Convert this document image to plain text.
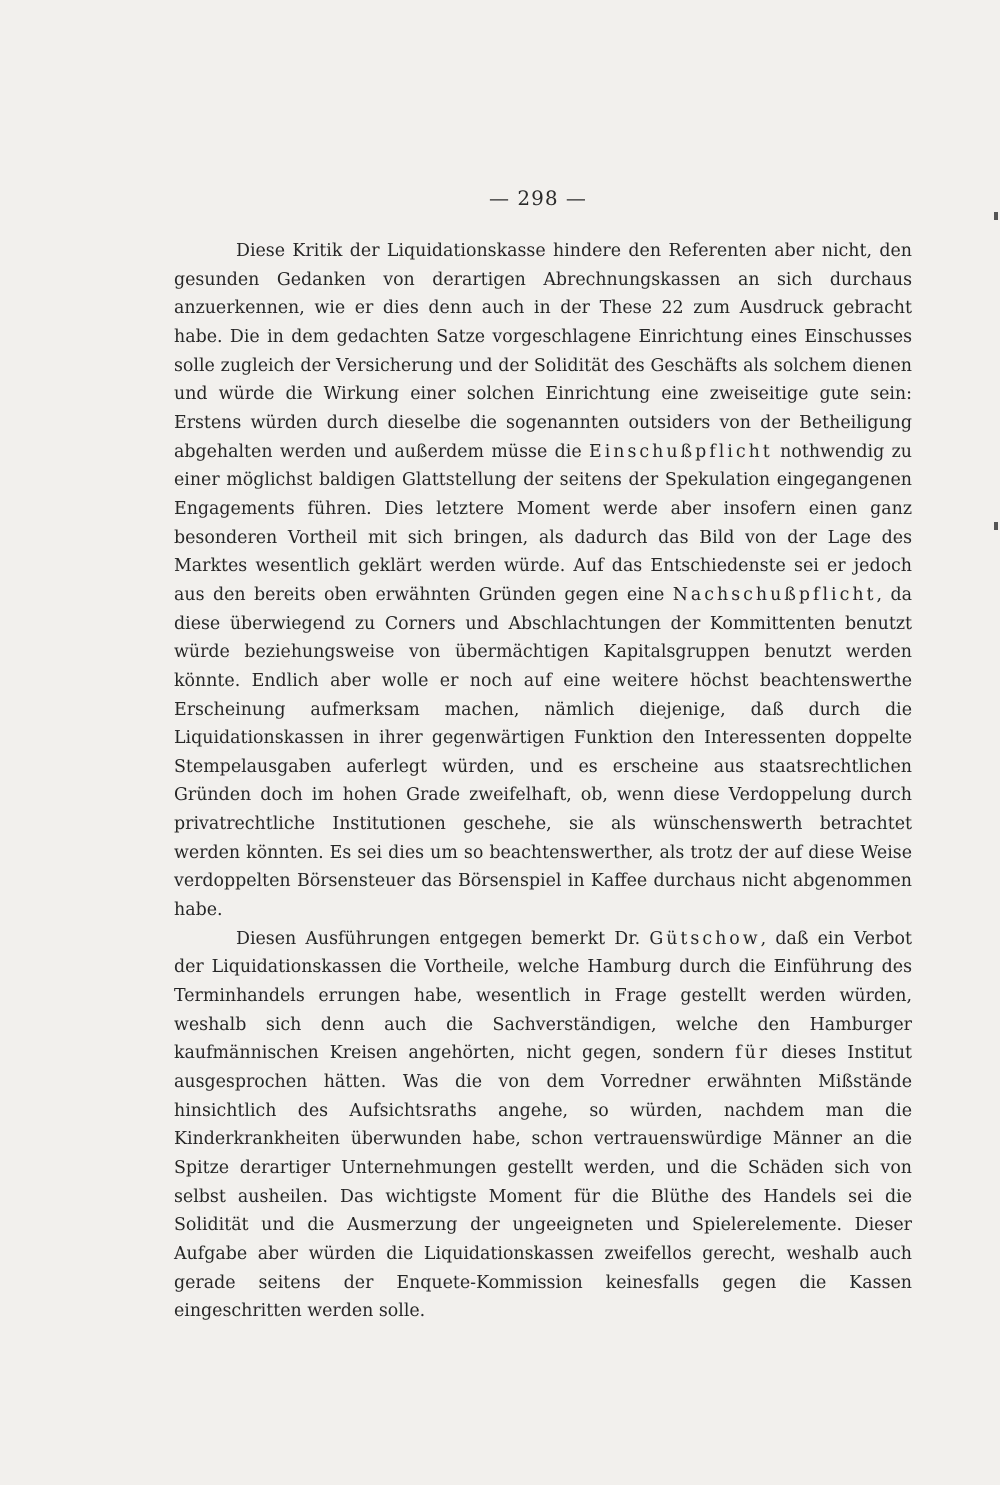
— 298 —

Diese Kritik der Liquidationskasse hindere den Referenten aber nicht, den gesunden Gedanken von derartigen Abrechnungskassen an sich durchaus anzuerkennen, wie er dies denn auch in der These 22 zum Ausdruck gebracht habe. Die in dem gedachten Satze vorgeschlagene Einrichtung eines Einschusses solle zugleich der Versicherung und der Solidität des Geschäfts als solchem dienen und würde die Wirkung einer solchen Einrichtung eine zweiseitige gute sein: Erstens würden durch dieselbe die sogenannten outsiders von der Betheiligung abgehalten werden und außerdem müsse die Einschußpflicht nothwendig zu einer möglichst baldigen Glattstellung der seitens der Spekulation eingegangenen Engagements führen. Dies letztere Moment werde aber insofern einen ganz besonderen Vortheil mit sich bringen, als dadurch das Bild von der Lage des Marktes wesentlich geklärt werden würde. Auf das Entschiedenste sei er jedoch aus den bereits oben erwähnten Gründen gegen eine Nachschußpflicht, da diese überwiegend zu Corners und Abschlachtungen der Kommittenten benutzt würde beziehungsweise von übermächtigen Kapitalsgruppen benutzt werden könnte. Endlich aber wolle er noch auf eine weitere höchst beachtenswerthe Erscheinung aufmerksam machen, nämlich diejenige, daß durch die Liquidationskassen in ihrer gegenwärtigen Funktion den Interessenten doppelte Stempelausgaben auferlegt würden, und es erscheine aus staatsrechtlichen Gründen doch im hohen Grade zweifelhaft, ob, wenn diese Verdoppelung durch privatrechtliche Institutionen geschehe, sie als wünschenswerth betrachtet werden könnten. Es sei dies um so beachtenswerther, als trotz der auf diese Weise verdoppelten Börsensteuer das Börsenspiel in Kaffee durchaus nicht abgenommen habe.

Diesen Ausführungen entgegen bemerkt Dr. Gütschow, daß ein Verbot der Liquidationskassen die Vortheile, welche Hamburg durch die Einführung des Terminhandels errungen habe, wesentlich in Frage gestellt werden würden, weshalb sich denn auch die Sachverständigen, welche den Hamburger kaufmännischen Kreisen angehörten, nicht gegen, sondern für dieses Institut ausgesprochen hätten. Was die von dem Vorredner erwähnten Mißstände hinsichtlich des Aufsichtsraths angehe, so würden, nachdem man die Kinderkrankheiten überwunden habe, schon vertrauenswürdige Männer an die Spitze derartiger Unternehmungen gestellt werden, und die Schäden sich von selbst ausheilen. Das wichtigste Moment für die Blüthe des Handels sei die Solidität und die Ausmerzung der ungeeigneten und Spielerelemente. Dieser Aufgabe aber würden die Liquidationskassen zweifellos gerecht, weshalb auch gerade seitens der Enquete-Kommission keinesfalls gegen die Kassen eingeschritten werden solle.
